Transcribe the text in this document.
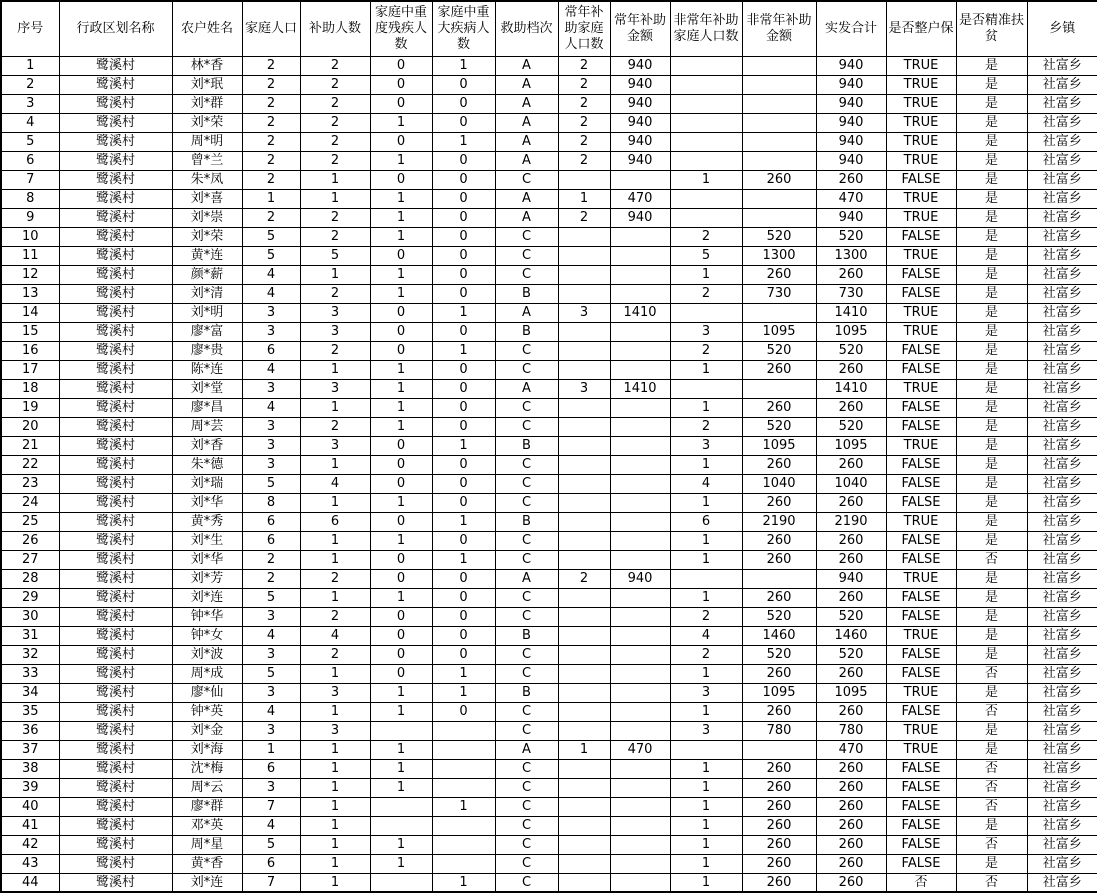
序号	行政区划名称	农户姓名	家庭人口	补助人数	家庭中重度残疾人数	家庭中重大疾病人数	救助档次	常年补助家庭人口数	常年补助金额	非常年补助家庭人口数	非常年补助金额	实发合计	是否整户保	是否精准扶贫	乡镇
1	鹭溪村	林*香	2	2	0	1	A	2	940			940	TRUE	是	社富乡
2	鹭溪村	刘*珉	2	2	0	0	A	2	940			940	TRUE	是	社富乡
3	鹭溪村	刘*群	2	2	0	0	A	2	940			940	TRUE	是	社富乡
4	鹭溪村	刘*荣	2	2	1	0	A	2	940			940	TRUE	是	社富乡
5	鹭溪村	周*明	2	2	0	1	A	2	940			940	TRUE	是	社富乡
6	鹭溪村	曾*兰	2	2	1	0	A	2	940			940	TRUE	是	社富乡
7	鹭溪村	朱*凤	2	1	0	0	C			1	260	260	FALSE	是	社富乡
8	鹭溪村	刘*喜	1	1	1	0	A	1	470			470	TRUE	是	社富乡
9	鹭溪村	刘*崇	2	2	1	0	A	2	940			940	TRUE	是	社富乡
10	鹭溪村	刘*荣	5	2	1	0	C			2	520	520	FALSE	是	社富乡
11	鹭溪村	黄*连	5	5	0	0	C			5	1300	1300	TRUE	是	社富乡
12	鹭溪村	颜*薪	4	1	1	0	C			1	260	260	FALSE	是	社富乡
13	鹭溪村	刘*清	4	2	1	0	B			2	730	730	FALSE	是	社富乡
14	鹭溪村	刘*明	3	3	0	1	A	3	1410			1410	TRUE	是	社富乡
15	鹭溪村	廖*富	3	3	0	0	B			3	1095	1095	TRUE	是	社富乡
16	鹭溪村	廖*贵	6	2	0	1	C			2	520	520	FALSE	是	社富乡
17	鹭溪村	陈*连	4	1	1	0	C			1	260	260	FALSE	是	社富乡
18	鹭溪村	刘*堂	3	3	1	0	A	3	1410			1410	TRUE	是	社富乡
19	鹭溪村	廖*昌	4	1	1	0	C			1	260	260	FALSE	是	社富乡
20	鹭溪村	周*芸	3	2	1	0	C			2	520	520	FALSE	是	社富乡
21	鹭溪村	刘*香	3	3	0	1	B			3	1095	1095	TRUE	是	社富乡
22	鹭溪村	朱*德	3	1	0	0	C			1	260	260	FALSE	是	社富乡
23	鹭溪村	刘*瑞	5	4	0	0	C			4	1040	1040	FALSE	是	社富乡
24	鹭溪村	刘*华	8	1	1	0	C			1	260	260	FALSE	是	社富乡
25	鹭溪村	黄*秀	6	6	0	1	B			6	2190	2190	TRUE	是	社富乡
26	鹭溪村	刘*生	6	1	1	0	C			1	260	260	FALSE	是	社富乡
27	鹭溪村	刘*华	2	1	0	1	C			1	260	260	FALSE	否	社富乡
28	鹭溪村	刘*芳	2	2	0	0	A	2	940			940	TRUE	是	社富乡
29	鹭溪村	刘*连	5	1	1	0	C			1	260	260	FALSE	是	社富乡
30	鹭溪村	钟*华	3	2	0	0	C			2	520	520	FALSE	是	社富乡
31	鹭溪村	钟*女	4	4	0	0	B			4	1460	1460	TRUE	是	社富乡
32	鹭溪村	刘*波	3	2	0	0	C			2	520	520	FALSE	是	社富乡
33	鹭溪村	周*成	5	1	0	1	C			1	260	260	FALSE	否	社富乡
34	鹭溪村	廖*仙	3	3	1	1	B			3	1095	1095	TRUE	是	社富乡
35	鹭溪村	钟*英	4	1	1	0	C			1	260	260	FALSE	否	社富乡
36	鹭溪村	刘*金	3	3			C			3	780	780	TRUE	是	社富乡
37	鹭溪村	刘*海	1	1	1		A	1	470			470	TRUE	是	社富乡
38	鹭溪村	沈*梅	6	1	1		C			1	260	260	FALSE	否	社富乡
39	鹭溪村	周*云	3	1	1		C			1	260	260	FALSE	否	社富乡
40	鹭溪村	廖*群	7	1		1	C			1	260	260	FALSE	否	社富乡
41	鹭溪村	邓*英	4	1			C			1	260	260	FALSE	是	社富乡
42	鹭溪村	周*星	5	1	1		C			1	260	260	FALSE	否	社富乡
43	鹭溪村	黄*香	6	1	1		C			1	260	260	FALSE	是	社富乡
44	鹭溪村	刘*连	7	1		1	C			1	260	260	否	否	社富乡
